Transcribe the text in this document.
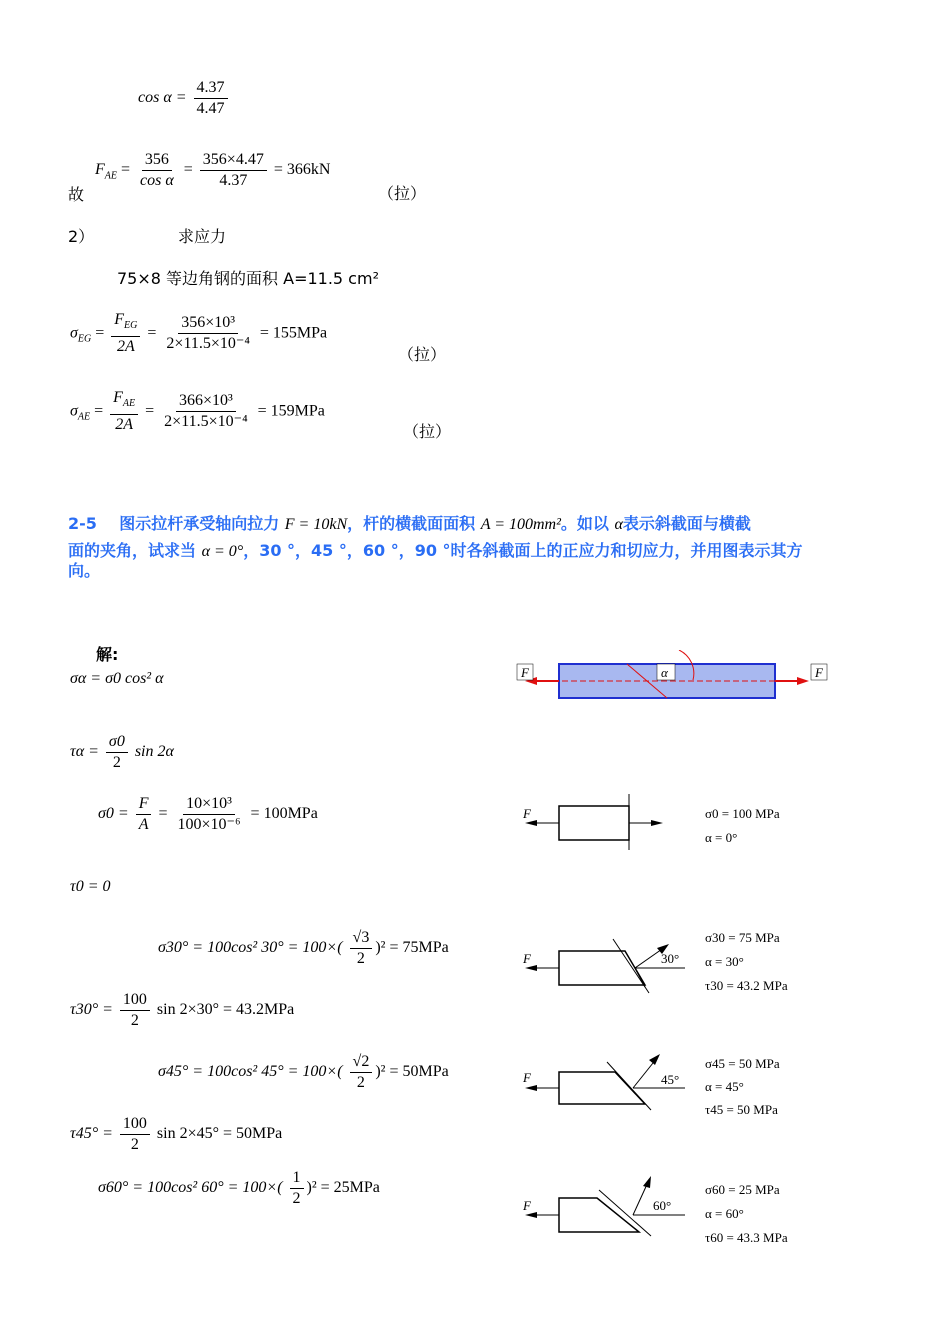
$\cos \alpha = \frac{4.37}{4.47}$
故
$F_{AE} = \frac{356}{\text{cos α}} = \frac{356\times 4.47}{4.37} = 366kN$
（拉）
2）	求应力
75×8 等边角钢的面积 A=11.5 cm²
$\sigma_{EG} = \frac{F_{EG}}{2A} = \frac{\text{356×10³}}{\text{2×11.5×10⁻⁴}} = 155MPa$
（拉）
$\sigma_{AE} = \frac{F_{AE}}{2A} = \frac{\text{366×10³}}{\text{2×11.5×10⁻⁴}} = 159MPa$
（拉）
2-5 图示拉杆承受轴向拉力 F = 10kN，杆的横截面面积 A = 100mm²。如以 α表示斜截面与横截
面的夹角，试求当 α = 0°，30 °，45 °，60 °，90 °时各斜截面上的正应力和切应力，并用图表示其方
向。
解:
σα = σ0 cos² α
$\tau\alpha = \frac{\sigma 0}{2}$ sin 2α
$\sigma 0 = \frac{F}{A} = \frac{\text{10×10³}}{\text{100×10⁻⁶}} = 100MPa$
τ0 = 0
σ30° = 100cos² $30^\circ = 100\times( \frac{√3}{2} )^2 = 75MPa$
$\tau 30^\circ = \frac{100}{2}$ sin 2×30° = 43.2MPa
σ45° = 100cos² $45^\circ = 100\times( \frac{√2}{2} )^2 = 50MPa$
$\tau 45^\circ = \frac{100}{2}$ sin 2×45° = 50MPa
σ60° = 100cos² $60^\circ = 100\times( \frac{1}{2} )^2 = 25MPa$
F	F
α
F	σ0 = 100 MPa
α = 0°
F	30°
σ30 = 75 MPa
α = 30°
τ30 = 43.2 MPa
F	45°
σ45 = 50 MPa
α = 45°
τ45 = 50 MPa
F	60°
σ60 = 25 MPa
α = 60°
τ60 = 43.3 MPa
